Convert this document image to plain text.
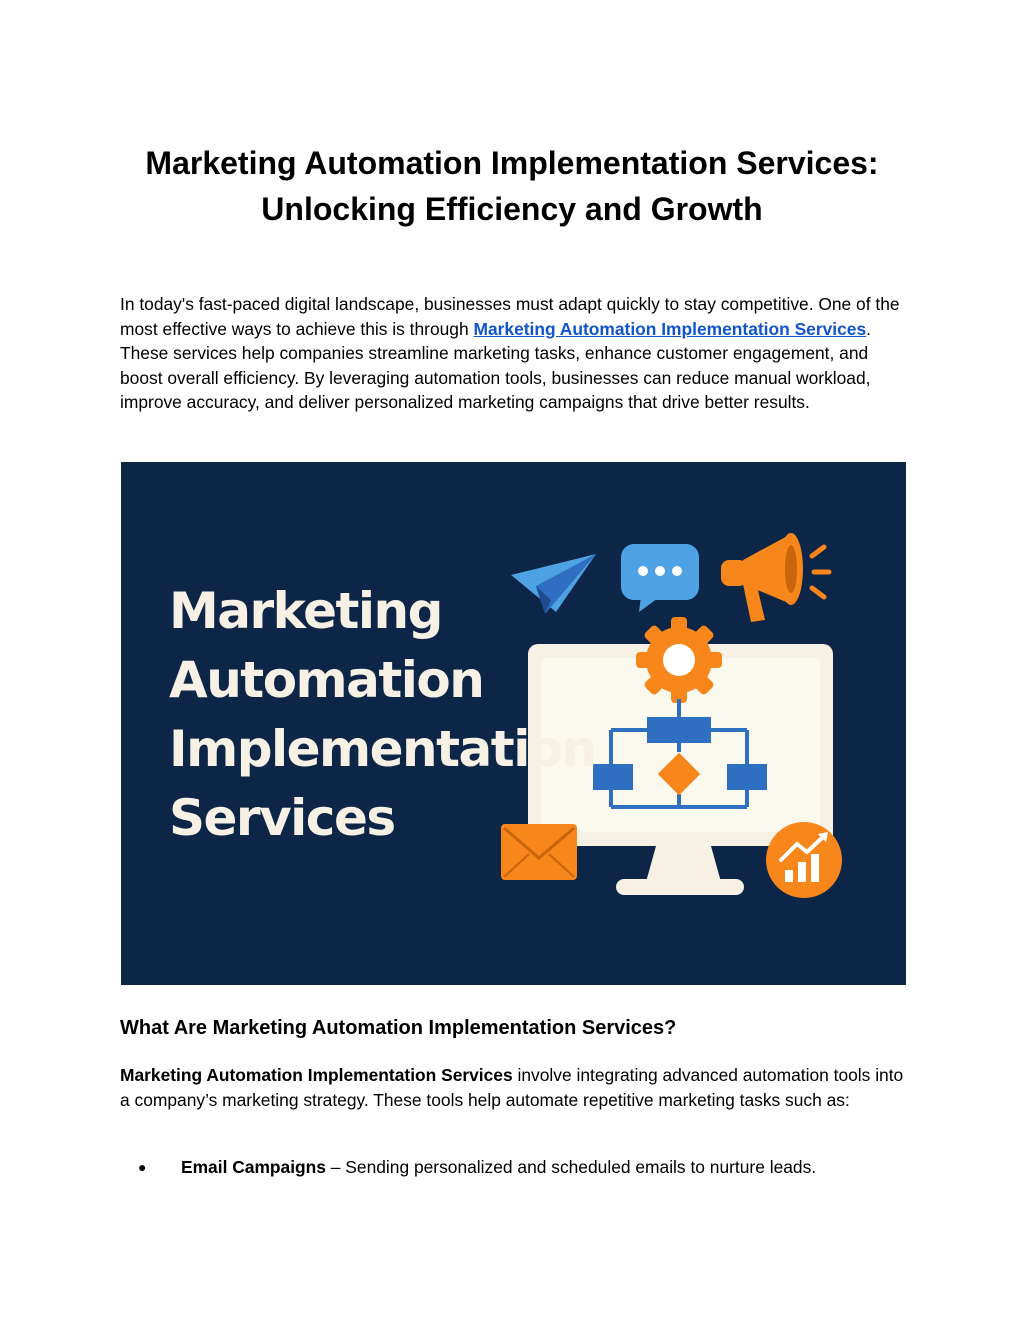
Marketing Automation Implementation Services:
Unlocking Efficiency and Growth

In today's fast-paced digital landscape, businesses must adapt quickly to stay competitive. One of the most effective ways to achieve this is through Marketing Automation Implementation Services. These services help companies streamline marketing tasks, enhance customer engagement, and boost overall efficiency. By leveraging automation tools, businesses can reduce manual workload, improve accuracy, and deliver personalized marketing campaigns that drive better results.

Marketing
Automation
Implementation
Services
What Are Marketing Automation Implementation Services?

Marketing Automation Implementation Services involve integrating advanced automation tools into a company’s marketing strategy. These tools help automate repetitive marketing tasks such as:

● Email Campaigns – Sending personalized and scheduled emails to nurture leads.
